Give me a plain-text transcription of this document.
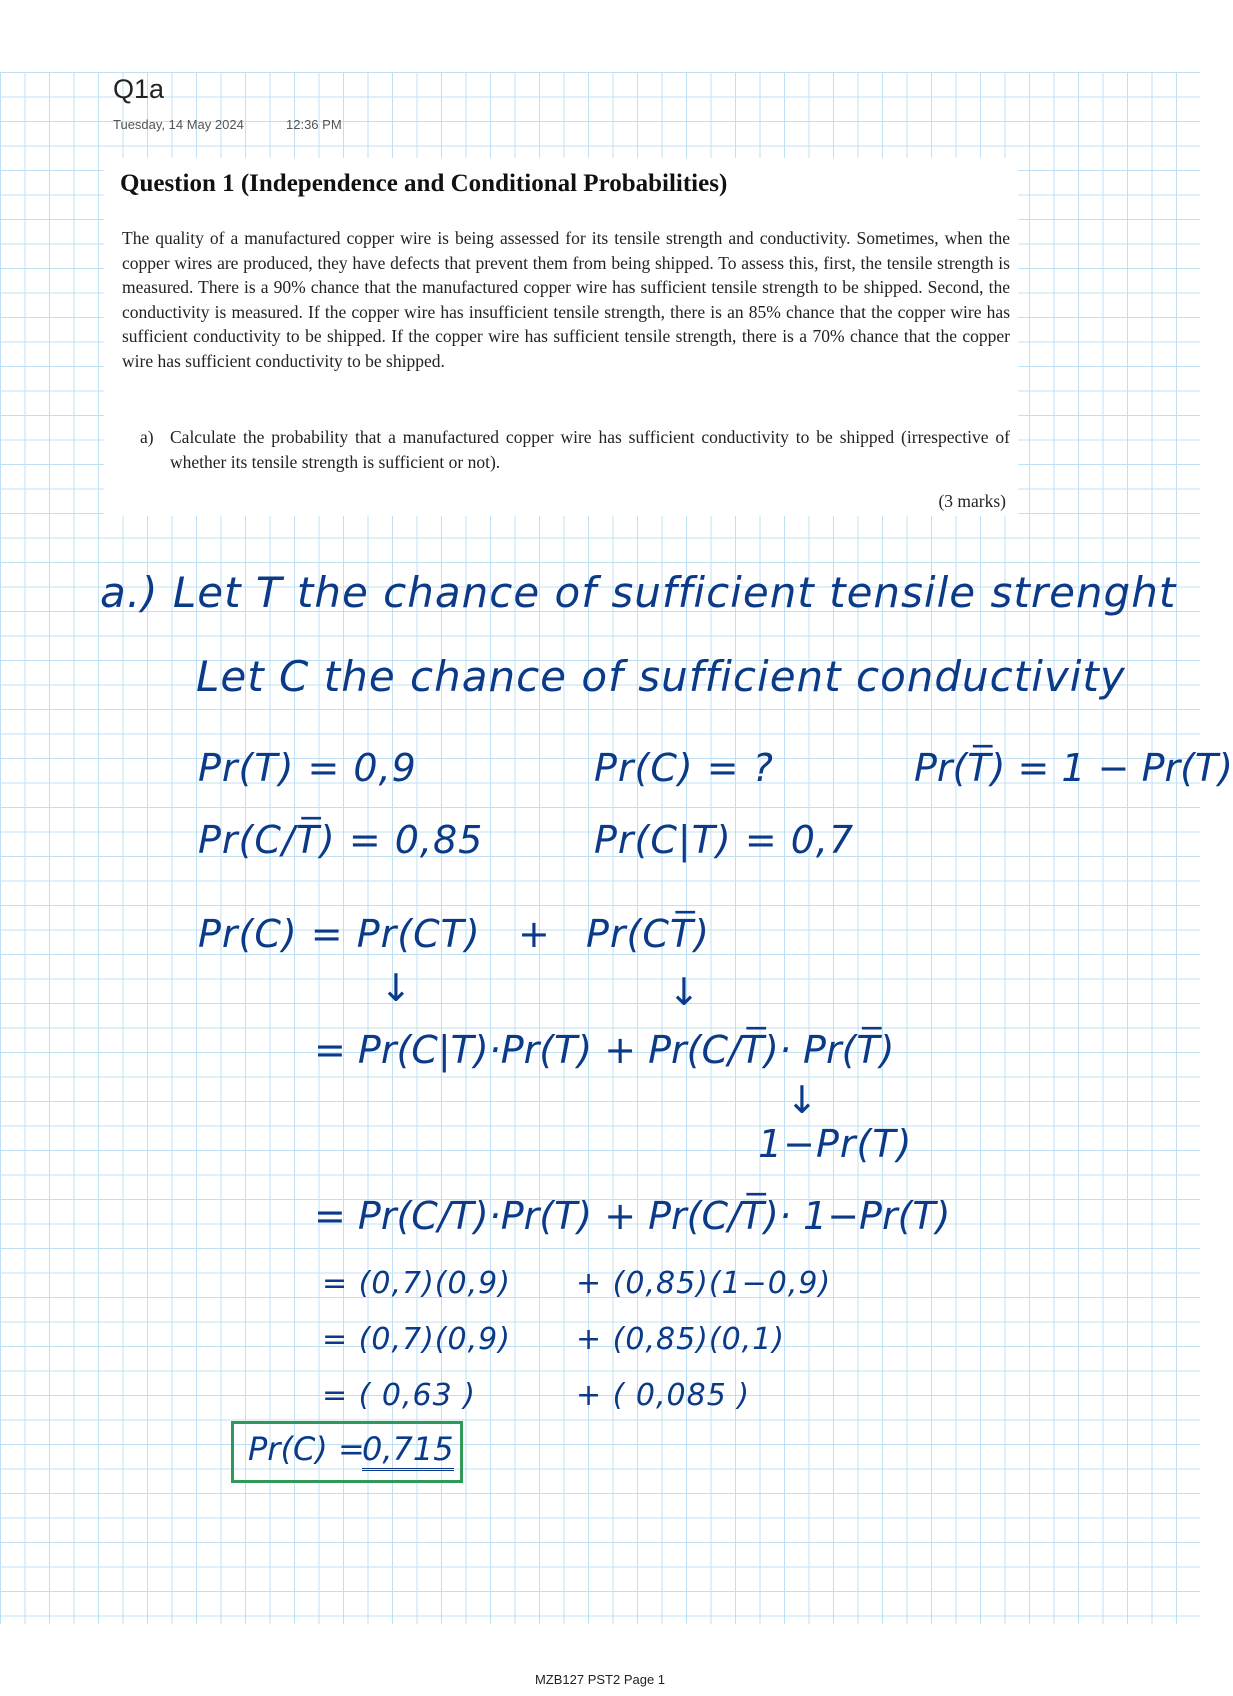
Q1a
Tuesday, 14 May 2024	12:36 PM
Question 1 (Independence and Conditional Probabilities)

The quality of a manufactured copper wire is being assessed for its tensile strength and conductivity. Sometimes, when the copper wires are produced, they have defects that prevent them from being shipped. To assess this, first, the tensile strength is measured. There is a 90% chance that the manufactured copper wire has sufficient tensile strength to be shipped. Second, the conductivity is measured. If the copper wire has insufficient tensile strength, there is an 85% chance that the copper wire has sufficient conductivity to be shipped. If the copper wire has sufficient tensile strength, there is a 70% chance that the copper wire has sufficient conductivity to be shipped.

a) Calculate the probability that a manufactured copper wire has sufficient conductivity to be shipped (irrespective of whether its tensile strength is sufficient or not).
(3 marks)
a.) Let T the chance of sufficient tensile strenght
Let C the chance of sufficient conductivity
Pr(T) = 0,9	Pr(C) = ?	Pr(T̅) = 1 − Pr(T)
Pr(C/T̅) = 0,85	Pr(C|T) = 0,7
Pr(C) = Pr(CT) + Pr(CT̅)
↓	↓
= Pr(C|T)·Pr(T) + Pr(C/T̅)· Pr(T̅)
↓
1−Pr(T)
= Pr(C/T)·Pr(T) + Pr(C/T̅)· 1−Pr(T)
= (0,7)(0,9) + (0,85)(1−0,9)
= (0,7)(0,9) + (0,85)(0,1)
= ( 0,63 )	+ ( 0,085 )
Pr(C) =
0,715
MZB127 PST2 Page 1
